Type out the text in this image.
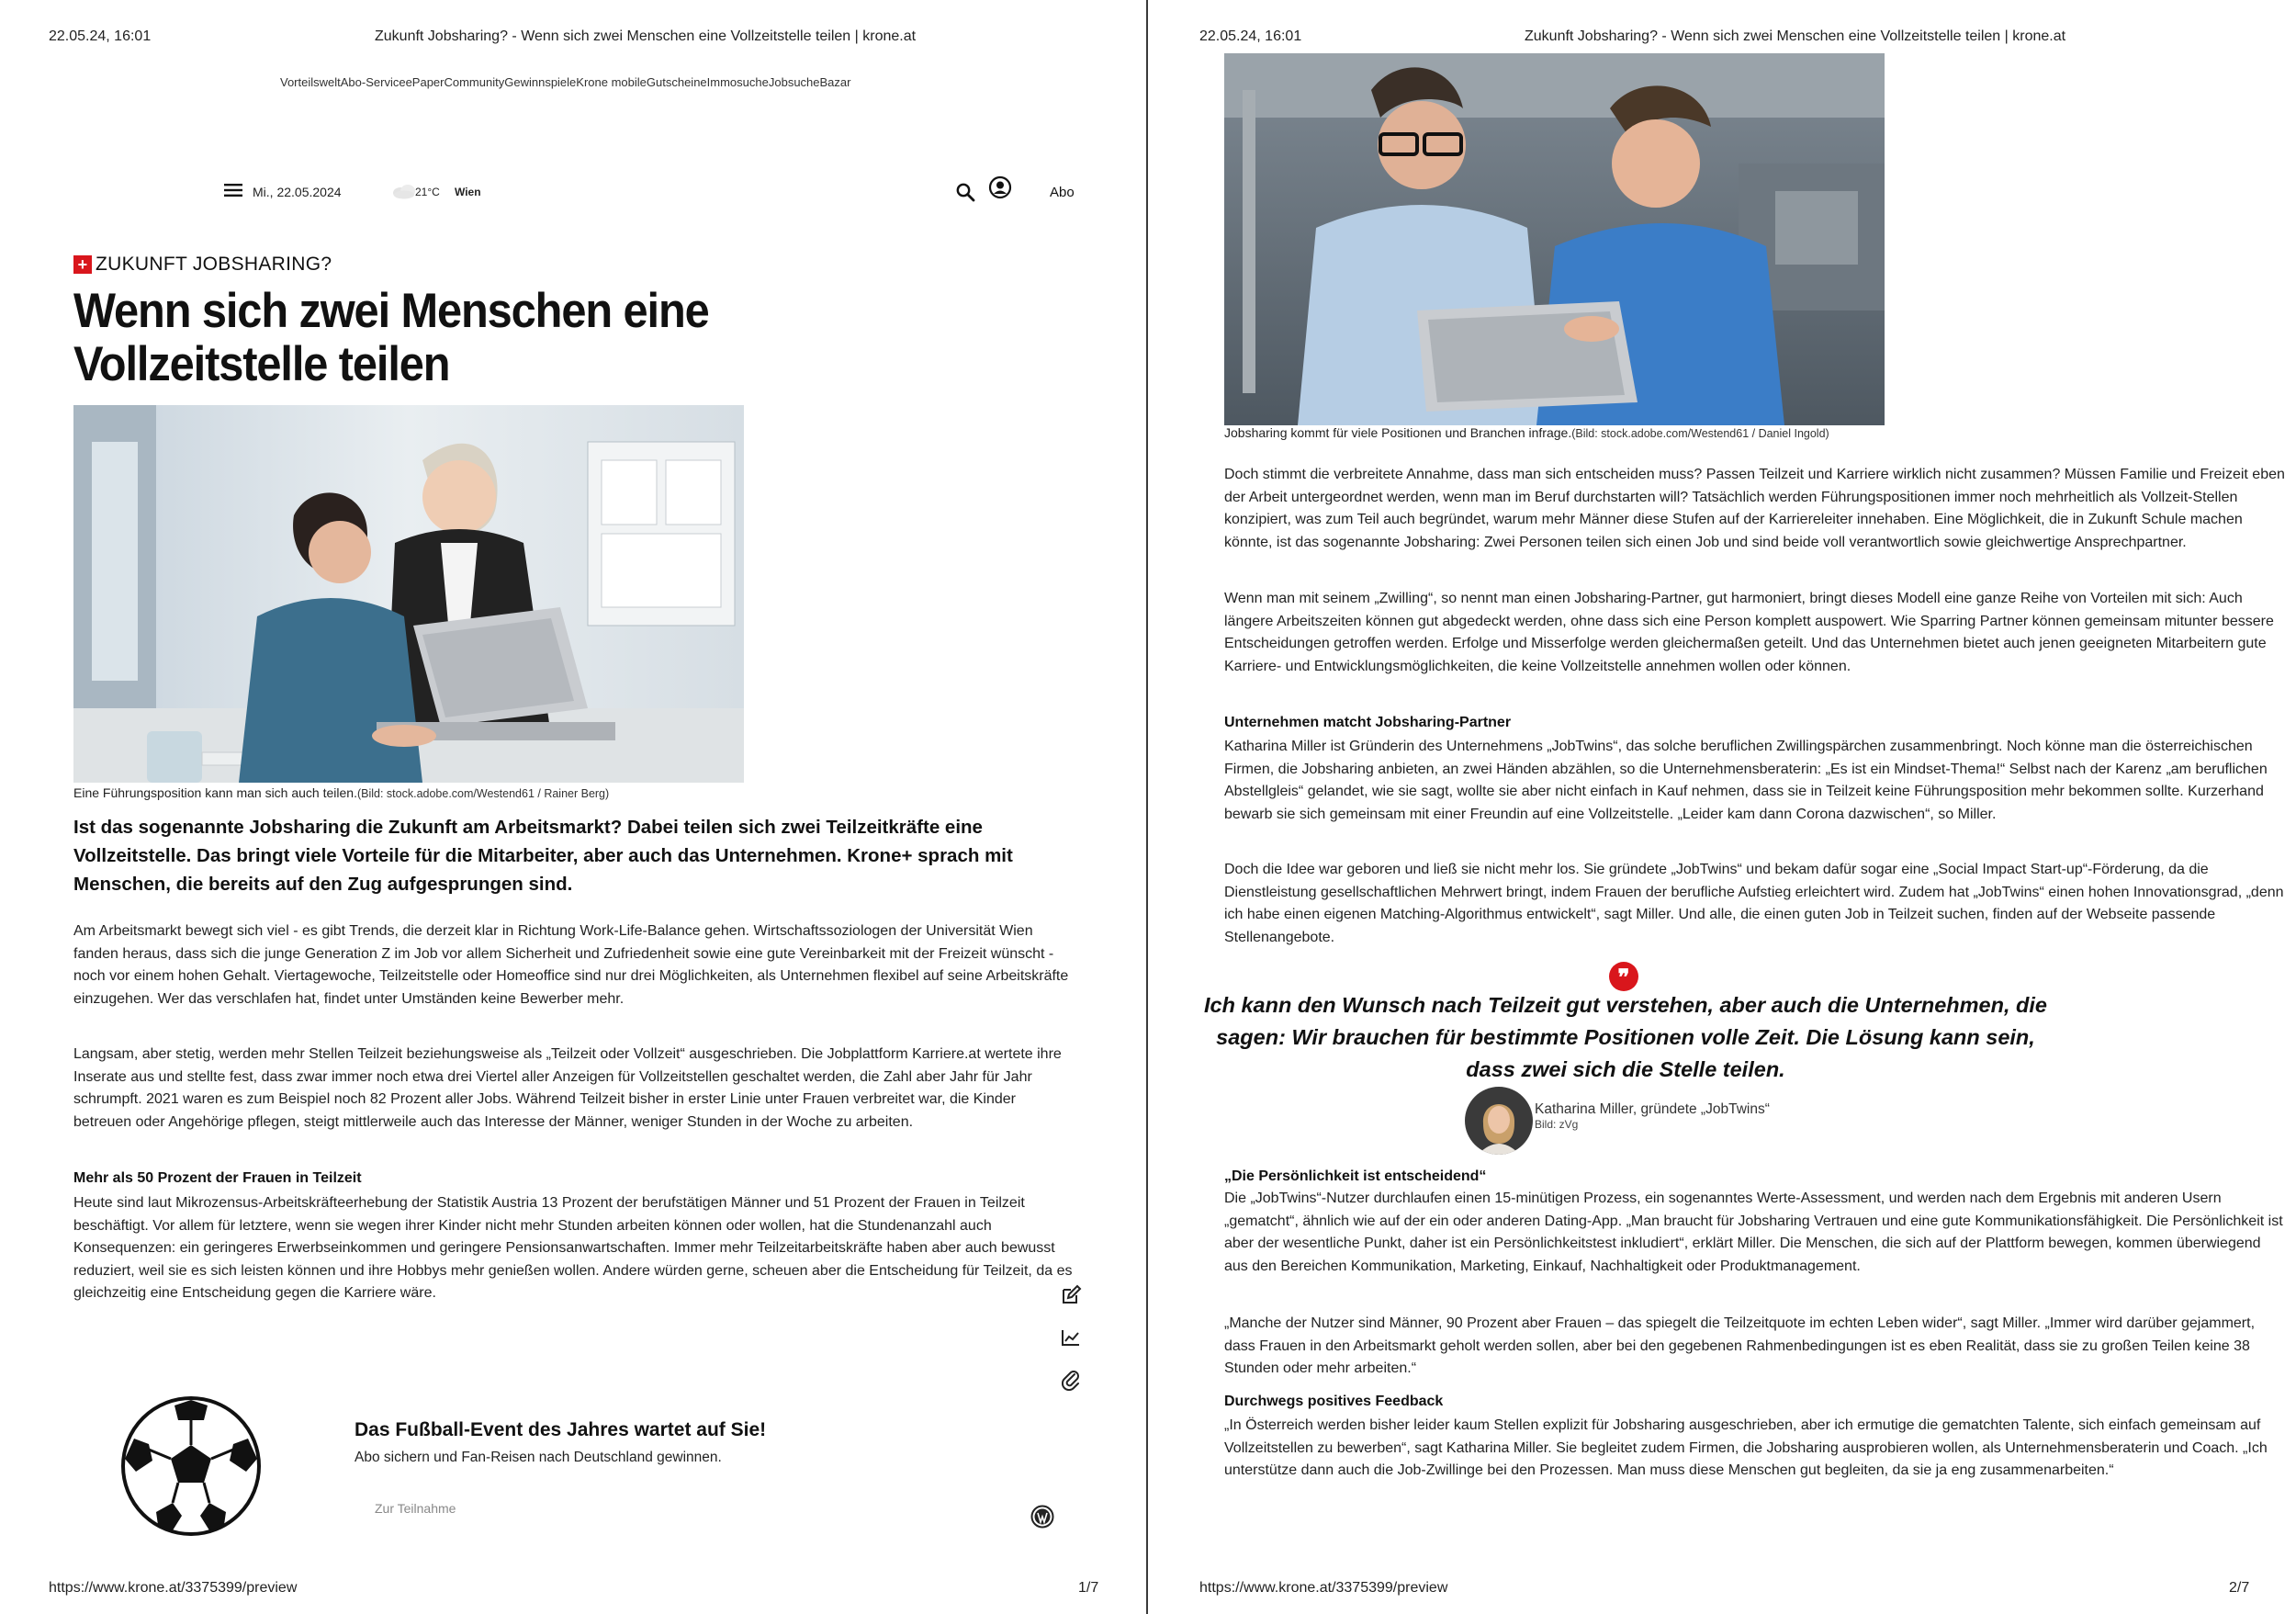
22.05.24, 16:01	Zukunft Jobsharing? - Wenn sich zwei Menschen eine Vollzeitstelle teilen | krone.at
VorteilsweltAbo-ServiceePaperCommunityGewinnspieleKrone mobileGutscheineImmosucheJobsucheBazar
Mi., 22.05.2024	21°C Wien	Abo
+ ZUKUNFT JOBSHARING?
Wenn sich zwei Menschen eine Vollzeitstelle teilen
Eine Führungsposition kann man sich auch teilen.(Bild: stock.adobe.com/Westend61 / Rainer Berg)

Ist das sogenannte Jobsharing die Zukunft am Arbeitsmarkt? Dabei teilen sich zwei Teilzeitkräfte eine Vollzeitstelle. Das bringt viele Vorteile für die Mitarbeiter, aber auch das Unternehmen. Krone+ sprach mit Menschen, die bereits auf den Zug aufgesprungen sind.

Am Arbeitsmarkt bewegt sich viel - es gibt Trends, die derzeit klar in Richtung Work-Life-Balance gehen. Wirtschaftssoziologen der Universität Wien fanden heraus, dass sich die junge Generation Z im Job vor allem Sicherheit und Zufriedenheit sowie eine gute Vereinbarkeit mit der Freizeit wünscht - noch vor einem hohen Gehalt. Viertagewoche, Teilzeitstelle oder Homeoffice sind nur drei Möglichkeiten, als Unternehmen flexibel auf seine Arbeitskräfte einzugehen. Wer das verschlafen hat, findet unter Umständen keine Bewerber mehr.

Langsam, aber stetig, werden mehr Stellen Teilzeit beziehungsweise als „Teilzeit oder Vollzeit“ ausgeschrieben. Die Jobplattform Karriere.at wertete ihre Inserate aus und stellte fest, dass zwar immer noch etwa drei Viertel aller Anzeigen für Vollzeitstellen geschaltet werden, die Zahl aber Jahr für Jahr schrumpft. 2021 waren es zum Beispiel noch 82 Prozent aller Jobs. Während Teilzeit bisher in erster Linie unter Frauen verbreitet war, die Kinder betreuen oder Angehörige pflegen, steigt mittlerweile auch das Interesse der Männer, weniger Stunden in der Woche zu arbeiten.

Mehr als 50 Prozent der Frauen in Teilzeit

Heute sind laut Mikrozensus-Arbeitskräfteerhebung der Statistik Austria 13 Prozent der berufstätigen Männer und 51 Prozent der Frauen in Teilzeit beschäftigt. Vor allem für letztere, wenn sie wegen ihrer Kinder nicht mehr Stunden arbeiten können oder wollen, hat die Stundenanzahl auch Konsequenzen: ein geringeres Erwerbseinkommen und geringere Pensionsanwartschaften. Immer mehr Teilzeitarbeitskräfte haben aber auch bewusst reduziert, weil sie es sich leisten können und ihre Hobbys mehr genießen wollen. Andere würden gerne, scheuen aber die Entscheidung für Teilzeit, da es gleichzeitig eine Entscheidung gegen die Karriere wäre.

Das Fußball-Event des Jahres wartet auf Sie!
Abo sichern und Fan-Reisen nach Deutschland gewinnen.
Zur Teilnahme
https://www.krone.at/3375399/preview	1/7
22.05.24, 16:01	Zukunft Jobsharing? - Wenn sich zwei Menschen eine Vollzeitstelle teilen | krone.at
Jobsharing kommt für viele Positionen und Branchen infrage.(Bild: stock.adobe.com/Westend61 / Daniel Ingold)

Doch stimmt die verbreitete Annahme, dass man sich entscheiden muss? Passen Teilzeit und Karriere wirklich nicht zusammen? Müssen Familie und Freizeit eben der Arbeit untergeordnet werden, wenn man im Beruf durchstarten will? Tatsächlich werden Führungspositionen immer noch mehrheitlich als Vollzeit-Stellen konzipiert, was zum Teil auch begründet, warum mehr Männer diese Stufen auf der Karriereleiter innehaben. Eine Möglichkeit, die in Zukunft Schule machen könnte, ist das sogenannte Jobsharing: Zwei Personen teilen sich einen Job und sind beide voll verantwortlich sowie gleichwertige Ansprechpartner.

Wenn man mit seinem „Zwilling“, so nennt man einen Jobsharing-Partner, gut harmoniert, bringt dieses Modell eine ganze Reihe von Vorteilen mit sich: Auch längere Arbeitszeiten können gut abgedeckt werden, ohne dass sich eine Person komplett auspowert. Wie Sparring Partner können gemeinsam mitunter bessere Entscheidungen getroffen werden. Erfolge und Misserfolge werden gleichermaßen geteilt. Und das Unternehmen bietet auch jenen geeigneten Mitarbeitern gute Karriere- und Entwicklungsmöglichkeiten, die keine Vollzeitstelle annehmen wollen oder können.

Unternehmen matcht Jobsharing-Partner

Katharina Miller ist Gründerin des Unternehmens „JobTwins“, das solche beruflichen Zwillingspärchen zusammenbringt. Noch könne man die österreichischen Firmen, die Jobsharing anbieten, an zwei Händen abzählen, so die Unternehmensberaterin: „Es ist ein Mindset-Thema!“ Selbst nach der Karenz „am beruflichen Abstellgleis“ gelandet, wie sie sagt, wollte sie aber nicht einfach in Kauf nehmen, dass sie in Teilzeit keine Führungsposition mehr bekommen sollte. Kurzerhand bewarb sie sich gemeinsam mit einer Freundin auf eine Vollzeitstelle. „Leider kam dann Corona dazwischen“, so Miller.

Doch die Idee war geboren und ließ sie nicht mehr los. Sie gründete „JobTwins“ und bekam dafür sogar eine „Social Impact Start-up“-Förderung, da die Dienstleistung gesellschaftlichen Mehrwert bringt, indem Frauen der berufliche Aufstieg erleichtert wird. Zudem hat „JobTwins“ einen hohen Innovationsgrad, „denn ich habe einen eigenen Matching-Algorithmus entwickelt“, sagt Miller. Und alle, die einen guten Job in Teilzeit suchen, finden auf der Webseite passende Stellenangebote.

https://www.krone.at/3375399/preview	2/7
❞
Ich kann den Wunsch nach Teilzeit gut verstehen, aber auch die Unternehmen, die sagen: Wir brauchen für bestimmte Positionen volle Zeit. Die Lösung kann sein, dass zwei sich die Stelle teilen.
Katharina Miller, gründete „JobTwins“
Bild: zVg
„Die Persönlichkeit ist entscheidend“

Die „JobTwins“-Nutzer durchlaufen einen 15-minütigen Prozess, ein sogenanntes Werte-Assessment, und werden nach dem Ergebnis mit anderen Usern „gematcht“, ähnlich wie auf der ein oder anderen Dating-App. „Man braucht für Jobsharing Vertrauen und eine gute Kommunikationsfähigkeit. Die Persönlichkeit ist aber der wesentliche Punkt, daher ist ein Persönlichkeitstest inkludiert“, erklärt Miller. Die Menschen, die sich auf der Plattform bewegen, kommen überwiegend aus den Bereichen Kommunikation, Marketing, Einkauf, Nachhaltigkeit oder Produktmanagement.

„Manche der Nutzer sind Männer, 90 Prozent aber Frauen – das spiegelt die Teilzeitquote im echten Leben wider“, sagt Miller. „Immer wird darüber gejammert, dass Frauen in den Arbeitsmarkt geholt werden sollen, aber bei den gegebenen Rahmenbedingungen ist es eben Realität, dass sie zu großen Teilen keine 38 Stunden oder mehr arbeiten.“

Durchwegs positives Feedback

„In Österreich werden bisher leider kaum Stellen explizit für Jobsharing ausgeschrieben, aber ich ermutige die gematchten Talente, sich einfach gemeinsam auf Vollzeitstellen zu bewerben“, sagt Katharina Miller. Sie begleitet zudem Firmen, die Jobsharing ausprobieren wollen, als Unternehmensberaterin und Coach. „Ich unterstütze dann auch die Job-Zwillinge bei den Prozessen. Man muss diese Menschen gut begleiten, da sie ja eng zusammenarbeiten.“
